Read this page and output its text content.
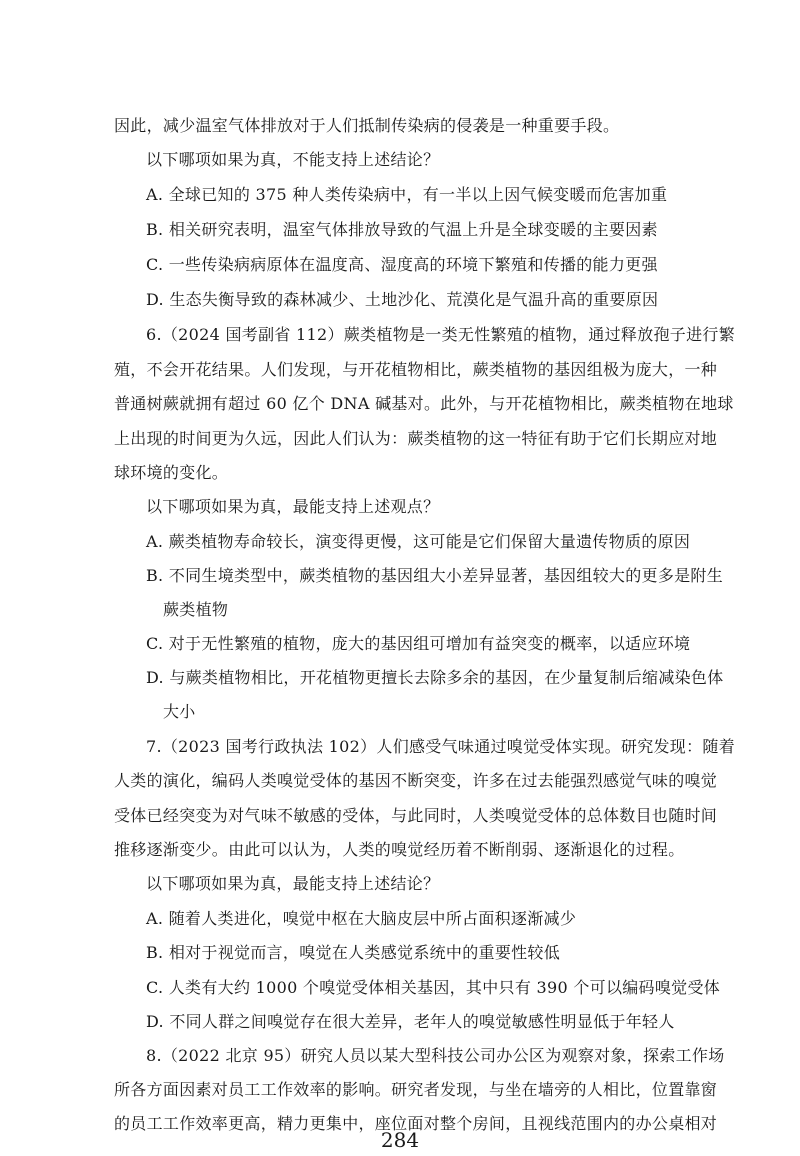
因此，减少温室气体排放对于人们抵制传染病的侵袭是一种重要手段。
以下哪项如果为真，不能支持上述结论？
A. 全球已知的 375 种人类传染病中，有一半以上因气候变暖而危害加重
B. 相关研究表明，温室气体排放导致的气温上升是全球变暖的主要因素
C. 一些传染病病原体在温度高、湿度高的环境下繁殖和传播的能力更强
D. 生态失衡导致的森林减少、土地沙化、荒漠化是气温升高的重要原因
6.（2024 国考副省 112）蕨类植物是一类无性繁殖的植物，通过释放孢子进行繁
殖，不会开花结果。人们发现，与开花植物相比，蕨类植物的基因组极为庞大，一种
普通树蕨就拥有超过 60 亿个 DNA 碱基对。此外，与开花植物相比，蕨类植物在地球
上出现的时间更为久远，因此人们认为：蕨类植物的这一特征有助于它们长期应对地
球环境的变化。
以下哪项如果为真，最能支持上述观点？
A. 蕨类植物寿命较长，演变得更慢，这可能是它们保留大量遗传物质的原因
B. 不同生境类型中，蕨类植物的基因组大小差异显著，基因组较大的更多是附生
蕨类植物
C. 对于无性繁殖的植物，庞大的基因组可增加有益突变的概率，以适应环境
D. 与蕨类植物相比，开花植物更擅长去除多余的基因，在少量复制后缩减染色体
大小
7.（2023 国考行政执法 102）人们感受气味通过嗅觉受体实现。研究发现：随着
人类的演化，编码人类嗅觉受体的基因不断突变，许多在过去能强烈感觉气味的嗅觉
受体已经突变为对气味不敏感的受体，与此同时，人类嗅觉受体的总体数目也随时间
推移逐渐变少。由此可以认为，人类的嗅觉经历着不断削弱、逐渐退化的过程。
以下哪项如果为真，最能支持上述结论？
A. 随着人类进化，嗅觉中枢在大脑皮层中所占面积逐渐减少
B. 相对于视觉而言，嗅觉在人类感觉系统中的重要性较低
C. 人类有大约 1000 个嗅觉受体相关基因，其中只有 390 个可以编码嗅觉受体
D. 不同人群之间嗅觉存在很大差异，老年人的嗅觉敏感性明显低于年轻人
8.（2022 北京 95）研究人员以某大型科技公司办公区为观察对象，探索工作场
所各方面因素对员工工作效率的影响。研究者发现，与坐在墙旁的人相比，位置靠窗
的员工工作效率更高，精力更集中，座位面对整个房间，且视线范围内的办公桌相对
284
